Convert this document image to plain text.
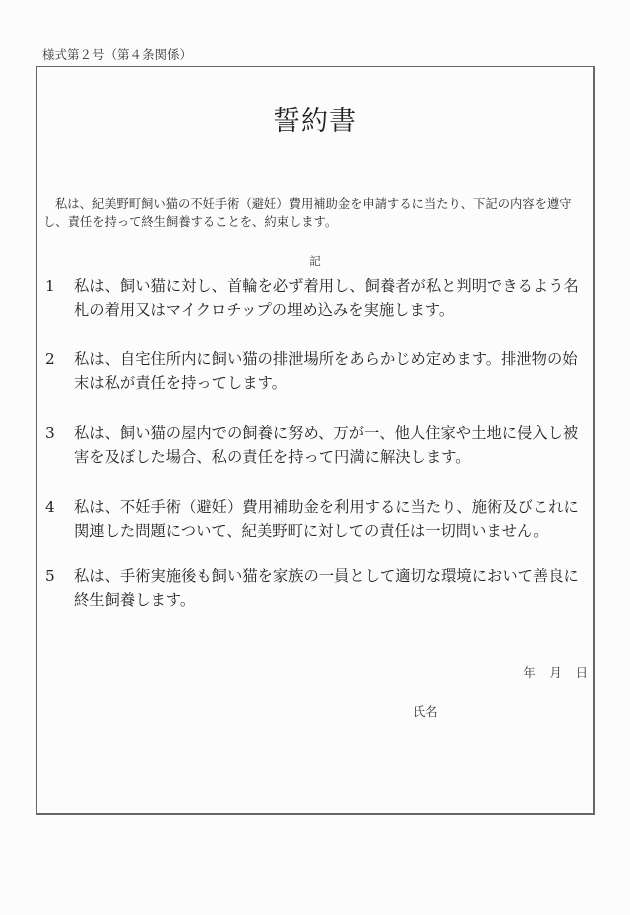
様式第２号（第４条関係）
誓約書
私は、紀美野町飼い猫の不妊手術（避妊）費用補助金を申請するに当たり、下記の内容を遵守し、責任を持って終生飼養することを、約束します。
記
1	私は、飼い猫に対し、首輪を必ず着用し、飼養者が私と判明できるよう名札の着用又はマイクロチップの埋め込みを実施します。
2	私は、自宅住所内に飼い猫の排泄場所をあらかじめ定めます。排泄物の始末は私が責任を持ってします。
3	私は、飼い猫の屋内での飼養に努め、万が一、他人住家や土地に侵入し被害を及ぼした場合、私の責任を持って円満に解決します。
4	私は、不妊手術（避妊）費用補助金を利用するに当たり、施術及びこれに関連した問題について、紀美野町に対しての責任は一切問いません。
5	私は、手術実施後も飼い猫を家族の一員として適切な環境において善良に終生飼養します。
年 月 日
氏名
